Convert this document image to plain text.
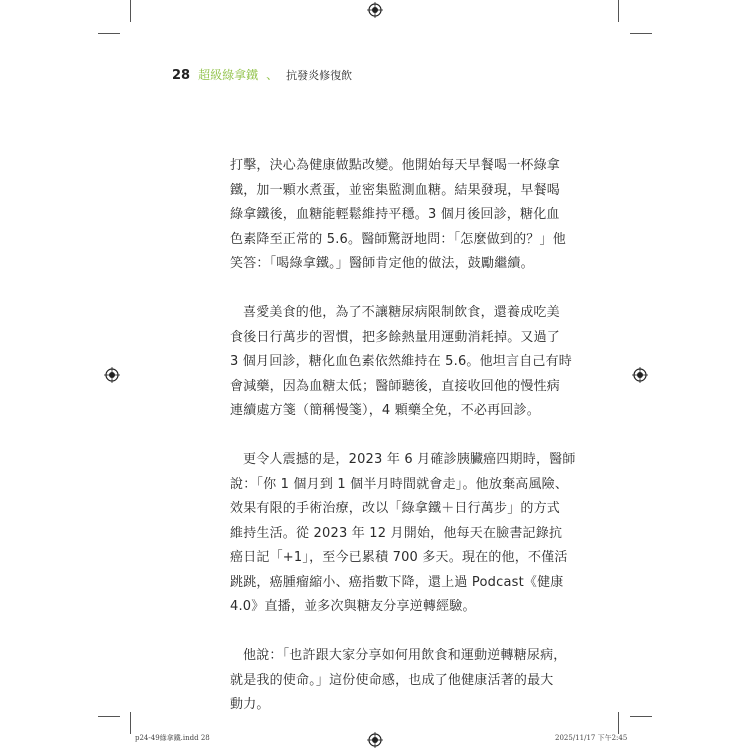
28 超級綠拿鐵 、 抗發炎修復飲

打擊，決心為健康做點改變。他開始每天早餐喝一杯綠拿
鐵，加一顆水煮蛋，並密集監測血糖。結果發現，早餐喝
綠拿鐵後，血糖能輕鬆維持平穩。3 個月後回診，糖化血
色素降至正常的 5.6。醫師驚訝地問：「怎麼做到的？」他
笑答：「喝綠拿鐵。」醫師肯定他的做法，鼓勵繼續。

喜愛美食的他，為了不讓糖尿病限制飲食，還養成吃美
食後日行萬步的習慣，把多餘熱量用運動消耗掉。又過了
3 個月回診，糖化血色素依然維持在 5.6。他坦言自己有時
會減藥，因為血糖太低；醫師聽後，直接收回他的慢性病
連續處方箋（簡稱慢箋），4 顆藥全免，不必再回診。

更令人震撼的是，2023 年 6 月確診胰臟癌四期時，醫師
說：「你 1 個月到 1 個半月時間就會走」。他放棄高風險、
效果有限的手術治療，改以「綠拿鐵＋日行萬步」的方式
維持生活。從 2023 年 12 月開始，他每天在臉書記錄抗
癌日記「+1」，至今已累積 700 多天。現在的他，不僅活
跳跳，癌腫瘤縮小、癌指數下降，還上過 Podcast《健康
4.0》直播，並多次與糖友分享逆轉經驗。

他說：「也許跟大家分享如何用飲食和運動逆轉糖尿病，
就是我的使命。」這份使命感，也成了他健康活著的最大
動力。

p24-49綠拿鐵.indd 28	2025/11/17 下午2:45
